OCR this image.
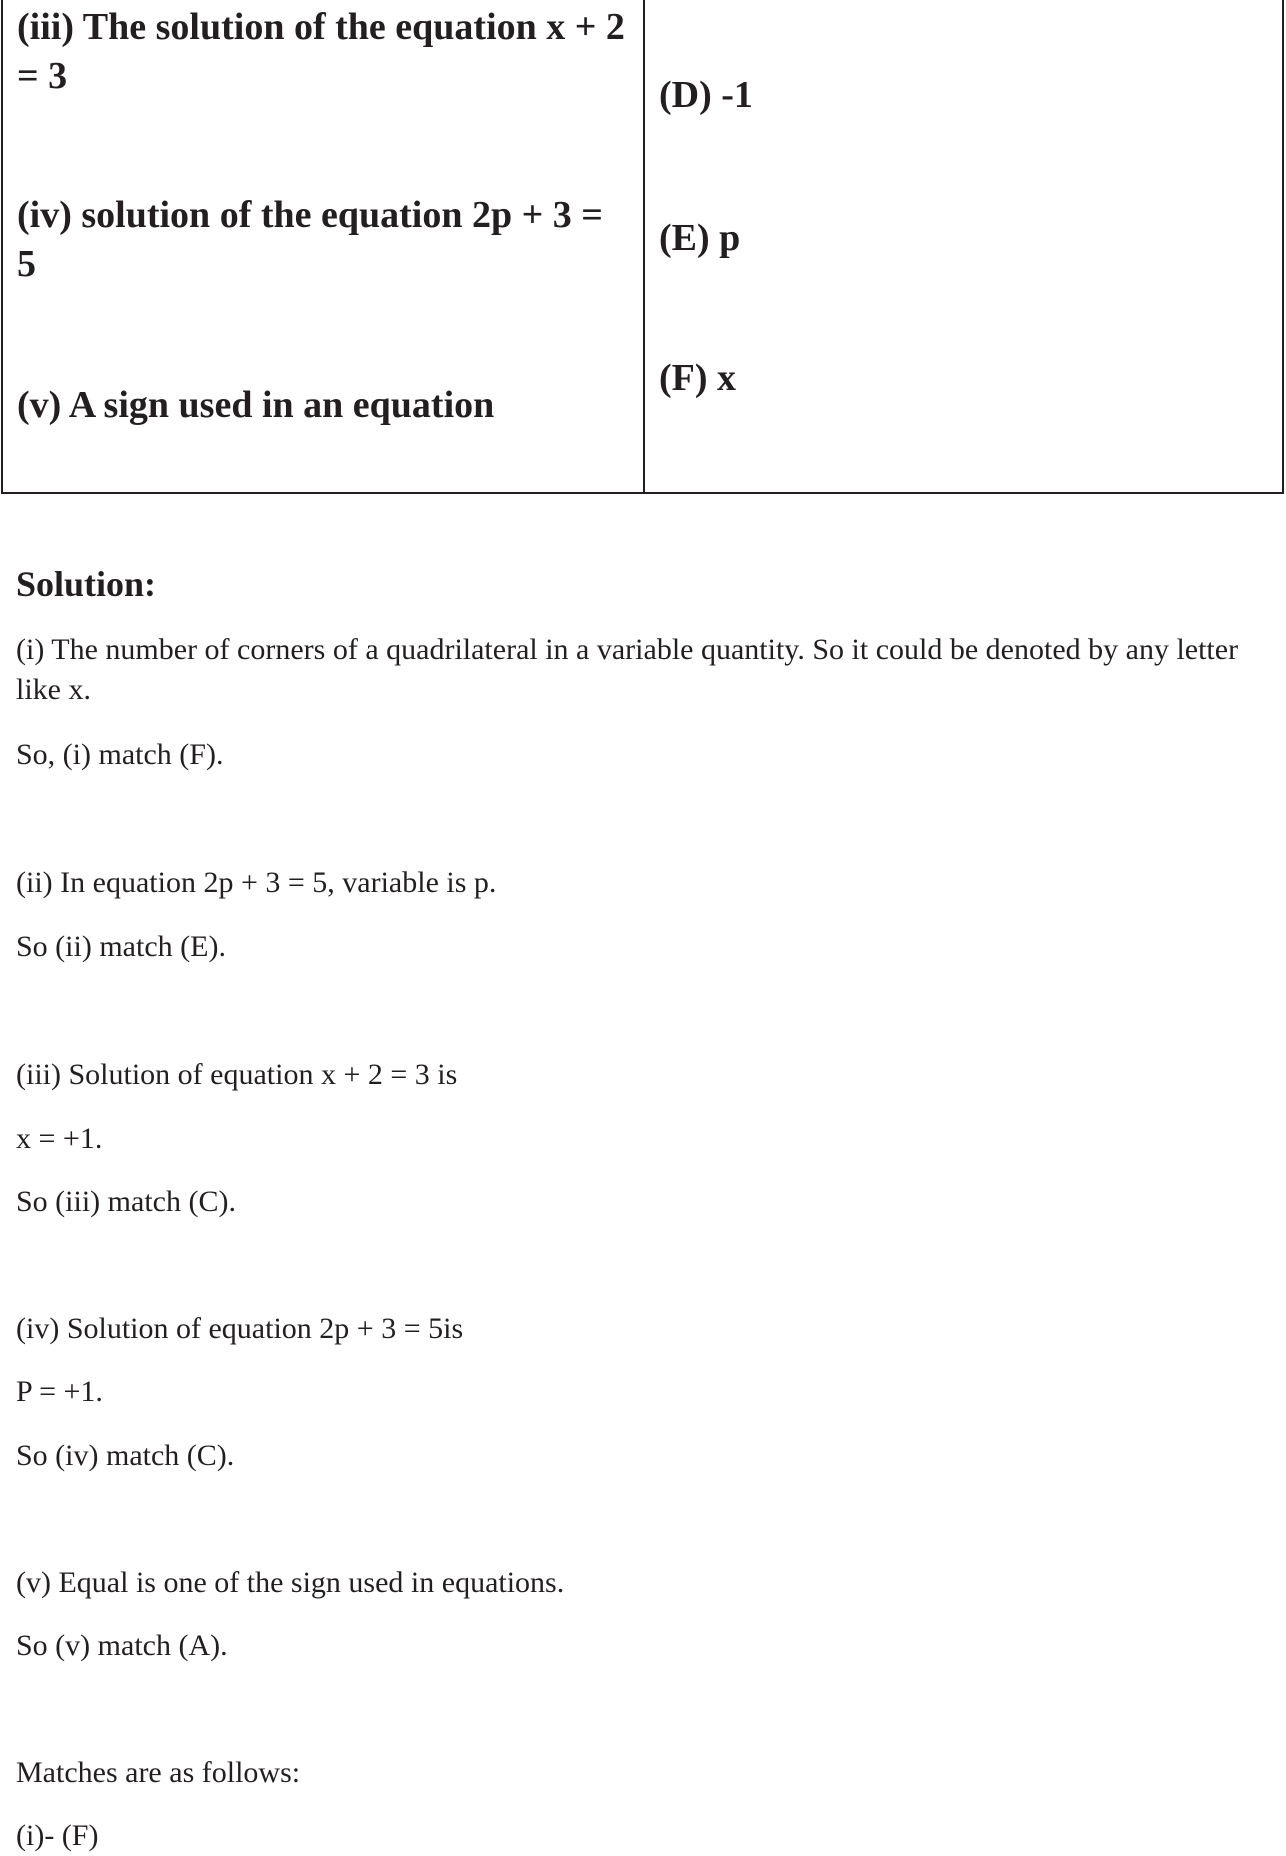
(iii) The solution of the equation x + 2 = 3
(iv) solution of the equation 2p + 3 = 5
(v) A sign used in an equation
(D) -1
(E) p
(F) x
Solution:
(i) The number of corners of a quadrilateral in a variable quantity. So it could be denoted by any letter like x.
So, (i) match (F).
(ii) In equation 2p + 3 = 5, variable is p.
So (ii) match (E).
(iii) Solution of equation x + 2 = 3 is
x = +1.
So (iii) match (C).
(iv) Solution of equation 2p + 3 = 5is
P = +1.
So (iv) match (C).
(v) Equal is one of the sign used in equations.
So (v) match (A).
Matches are as follows:
(i)- (F)
